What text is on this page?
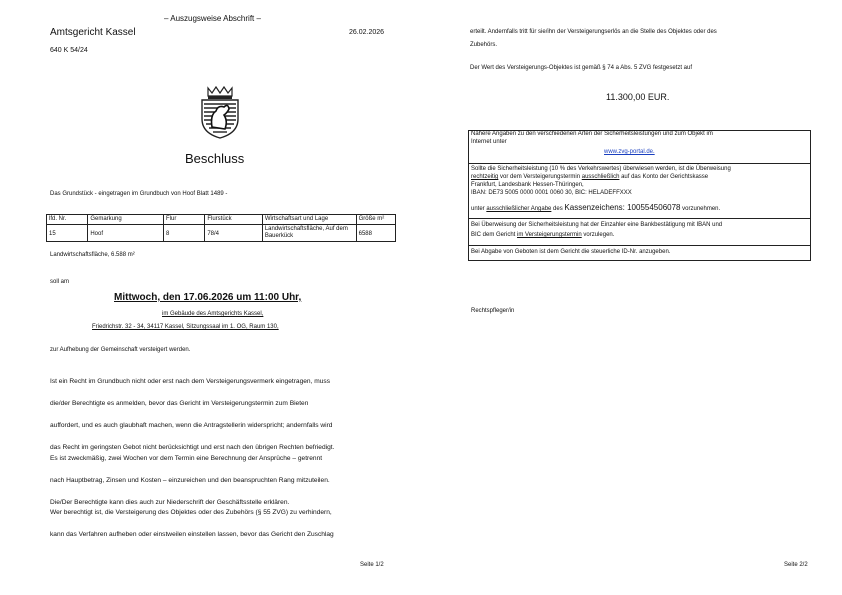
Amtsgericht Kassel
– Auszugsweise Abschrift –
26.02.2026
640 K 54/24
Beschluss
Das Grundstück - eingetragen im Grundbuch von Hoof Blatt 1489 -
lfd. Nr.	Gemarkung	Flur	Flurstück	Wirtschaftsart und Lage	Größe m²
15	Hoof	8	78/4	Landwirtschaftsfläche, Auf dem Bauerkück	6588
Landwirtschaftsfläche, 6.588 m²
soll am
Mittwoch, den 17.06.2026 um 11:00 Uhr,
im Gebäude des Amtsgerichts Kassel,
Friedrichstr. 32 - 34, 34117 Kassel, Sitzungssaal im 1. OG, Raum 130,
zur Aufhebung der Gemeinschaft versteigert werden.
Ist ein Recht im Grundbuch nicht oder erst nach dem Versteigerungsvermerk eingetragen, muss
die/der Berechtigte es anmelden, bevor das Gericht im Versteigerungstermin zum Bieten
auffordert, und es auch glaubhaft machen, wenn die Antragstellerin widerspricht; andernfalls wird
das Recht im geringsten Gebot nicht berücksichtigt und erst nach den übrigen Rechten befriedigt.
Es ist zweckmäßig, zwei Wochen vor dem Termin eine Berechnung der Ansprüche – getrennt
nach Hauptbetrag, Zinsen und Kosten – einzureichen und den beanspruchten Rang mitzuteilen.
Die/Der Berechtigte kann dies auch zur Niederschrift der Geschäftsstelle erklären.
Wer berechtigt ist, die Versteigerung des Objektes oder des Zubehörs (§ 55 ZVG) zu verhindern,
kann das Verfahren aufheben oder einstweilen einstellen lassen, bevor das Gericht den Zuschlag
Seite 1/2
erteilt. Andernfalls tritt für sie/ihn der Versteigerungserlös an die Stelle des Objektes oder des
Zubehörs.
Der Wert des Versteigerungs-Objektes ist gemäß § 74 a Abs. 5 ZVG festgesetzt auf
11.300,00 EUR.
Nähere Angaben zu den verschiedenen Arten der Sicherheitsleistungen und zum Objekt im
Internet unter
www.zvg-portal.de.
Sollte die Sicherheitsleistung (10 % des Verkehrswertes) überwiesen werden, ist die Überweisung
rechtzeitig vor dem Versteigerungstermin ausschließlich auf das Konto der Gerichtskasse
Frankfurt, Landesbank Hessen-Thüringen,
IBAN: DE73 5005 0000 0001 0060 30, BIC: HELADEFFXXX
unter ausschließlicher Angabe des Kassenzeichens: 100554506078 vorzunehmen.
Bei Überweisung der Sicherheitsleistung hat der Einzahler eine Bankbestätigung mit IBAN und
BIC dem Gericht im Versteigerungstermin vorzulegen.
Bei Abgabe von Geboten ist dem Gericht die steuerliche ID-Nr. anzugeben.
Rechtspfleger/in
Seite 2/2
